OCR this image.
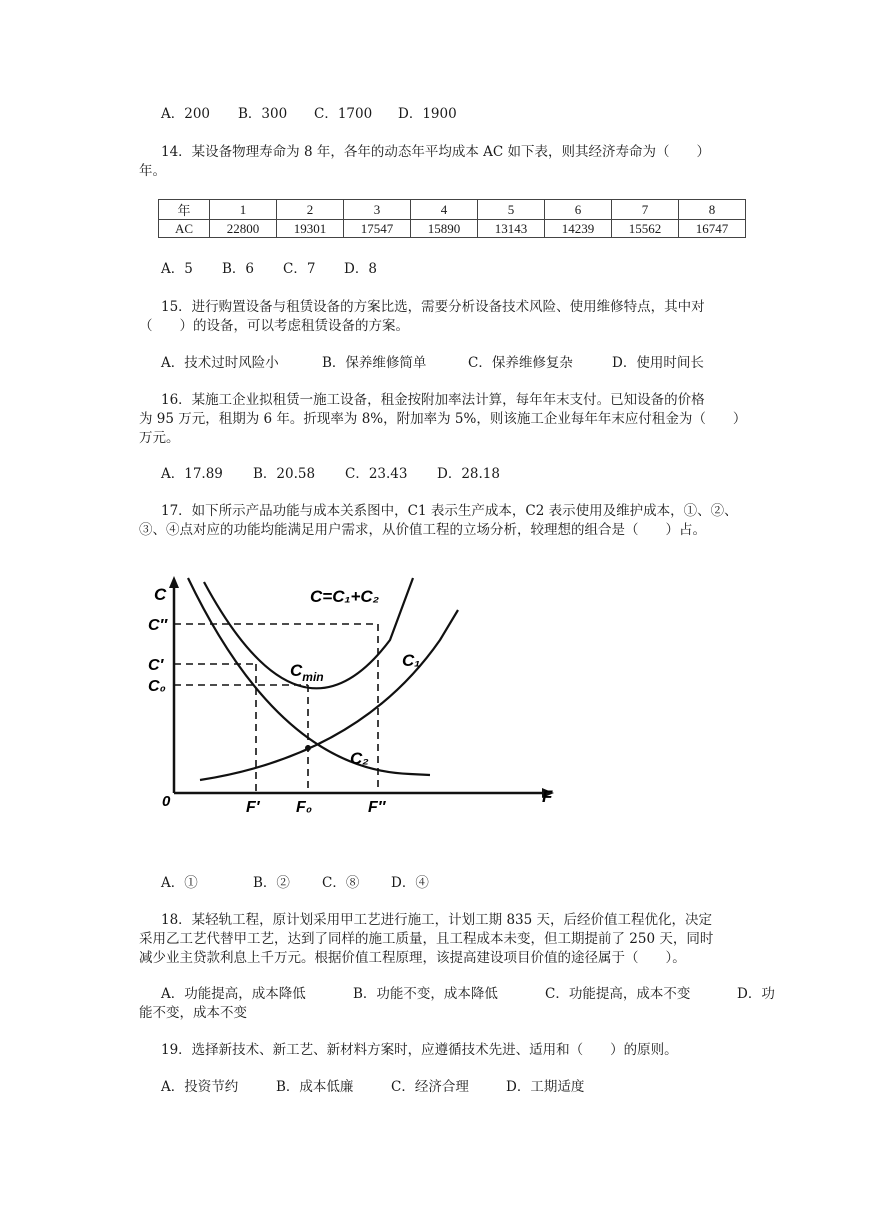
A．200 B．300 C．1700 D．1900
14．某设备物理寿命为 8 年，各年的动态年平均成本 AC 如下表，则其经济寿命为（　　）
年。
年	1	2	3	4	5	6	7	8
AC	22800	19301	17547	15890	13143	14239	15562	16747
A．5 B．6 C．7 D．8
15．进行购置设备与租赁设备的方案比选，需要分析设备技术风险、使用维修特点，其中对
（　　）的设备，可以考虑租赁设备的方案。
A．技术过时风险小	B．保养维修简单	C．保养维修复杂	D．使用时间长
16．某施工企业拟租赁一施工设备，租金按附加率法计算，每年年末支付。已知设备的价格
为 95 万元，租期为 6 年。折现率为 8%，附加率为 5%，则该施工企业每年年末应付租金为（　　）
万元。
A．17.89 B．20.58 C．23.43 D．28.18
17．如下所示产品功能与成本关系图中，C1 表示生产成本，C2 表示使用及维护成本，①、②、
③、④点对应的功能均能满足用户需求，从价值工程的立场分析，较理想的组合是（　　）占。
C
F
0
C=C₁+C₂
C₁
C₂
$C_{min}$
C″
C′
C₀
F′ F₀	F″
A．①	B．② C．⑧ D．④
18．某轻轨工程，原计划采用甲工艺进行施工，计划工期 835 天，后经价值工程优化，决定
采用乙工艺代替甲工艺，达到了同样的施工质量，且工程成本未变，但工期提前了 250 天，同时
减少业主贷款利息上千万元。根据价值工程原理，该提高建设项目价值的途径属于（　　）。
A．功能提高，成本降低	B．功能不变，成本降低	C．功能提高，成本不变	D．功
能不变，成本不变
19．选择新技术、新工艺、新材料方案时，应遵循技术先进、适用和（　　）的原则。
A．投资节约	B．成本低廉	C．经济合理	D．工期适度
